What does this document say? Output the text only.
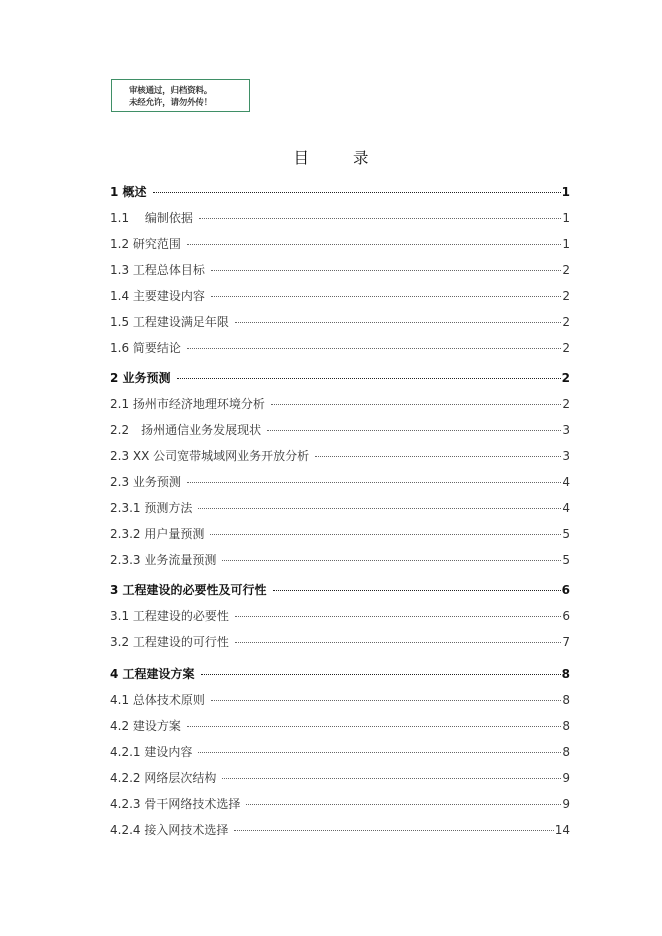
审核通过，归档资料。
未经允许，请勿外传！
目录
1 概述	1
1.1　 编制依据	1
1.2 研究范围	1
1.3 工程总体目标	2
1.4 主要建设内容	2
1.5 工程建设满足年限	2
1.6 简要结论	2
2 业务预测	2
2.1 扬州市经济地理环境分析	2
2.2　扬州通信业务发展现状	3
2.3 XX 公司宽带城域网业务开放分析	3
2.3 业务预测	4
2.3.1 预测方法	4
2.3.2 用户量预测	5
2.3.3 业务流量预测	5
3 工程建设的必要性及可行性	6
3.1 工程建设的必要性	6
3.2 工程建设的可行性	7
4 工程建设方案	8
4.1 总体技术原则	8
4.2 建设方案	8
4.2.1 建设内容	8
4.2.2 网络层次结构	9
4.2.3 骨干网络技术选择	9
4.2.4 接入网技术选择	14
